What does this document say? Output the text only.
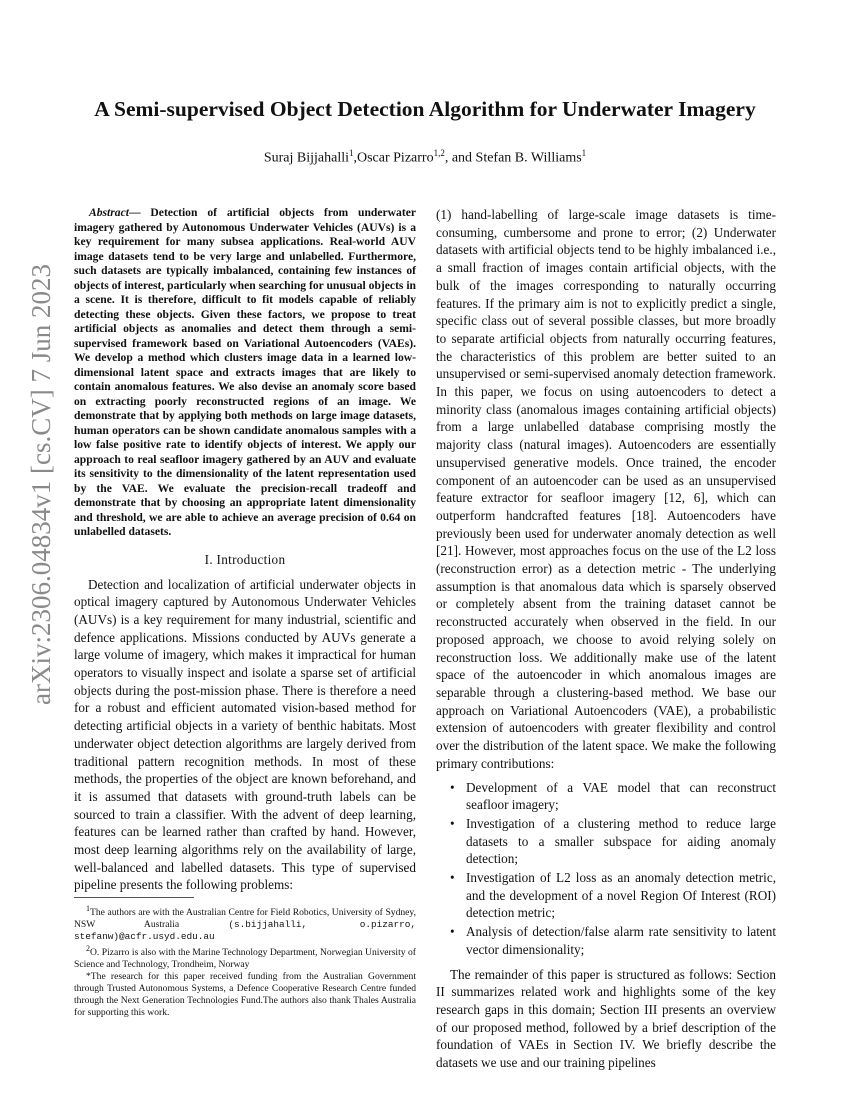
arXiv:2306.04834v1 [cs.CV] 7 Jun 2023
A Semi-supervised Object Detection Algorithm for Underwater Imagery
Suraj Bijjahalli$^1$,Oscar Pizarro$^{1,2}$, and Stefan B. Williams$^1$

Abstract— Detection of artificial objects from underwater imagery gathered by Autonomous Underwater Vehicles (AUVs) is a key requirement for many subsea applications. Real-world AUV image datasets tend to be very large and unlabelled. Furthermore, such datasets are typically imbalanced, containing few instances of objects of interest, particularly when searching for unusual objects in a scene. It is therefore, difficult to fit models capable of reliably detecting these objects. Given these factors, we propose to treat artificial objects as anomalies and detect them through a semi-supervised framework based on Variational Autoencoders (VAEs). We develop a method which clusters image data in a learned low-dimensional latent space and extracts images that are likely to contain anomalous features. We also devise an anomaly score based on extracting poorly reconstructed regions of an image. We demonstrate that by applying both methods on large image datasets, human operators can be shown candidate anomalous samples with a low false positive rate to identify objects of interest. We apply our approach to real seafloor imagery gathered by an AUV and evaluate its sensitivity to the dimensionality of the latent representation used by the VAE. We evaluate the precision-recall tradeoff and demonstrate that by choosing an appropriate latent dimensionality and threshold, we are able to achieve an average precision of 0.64 on unlabelled datasets.

I. Introduction

Detection and localization of artificial underwater objects in optical imagery captured by Autonomous Underwater Vehicles (AUVs) is a key requirement for many industrial, scientific and defence applications. Missions conducted by AUVs generate a large volume of imagery, which makes it impractical for human operators to visually inspect and isolate a sparse set of artificial objects during the post-mission phase. There is therefore a need for a robust and efficient automated vision-based method for detecting artificial objects in a variety of benthic habitats. Most underwater object detection algorithms are largely derived from traditional pattern recognition methods. In most of these methods, the properties of the object are known beforehand, and it is assumed that datasets with ground-truth labels can be sourced to train a classifier. With the advent of deep learning, features can be learned rather than crafted by hand. However, most deep learning algorithms rely on the availability of large, well-balanced and labelled datasets. This type of supervised pipeline presents the following problems:

$^1$The authors are with the Australian Centre for Field Robotics, University of Sydney, NSW Australia (s.bijjahalli, o.pizarro, stefanw)@acfr.usyd.edu.au

$^2$O. Pizarro is also with the Marine Technology Department, Norwegian University of Science and Technology, Trondheim, Norway

*The research for this paper received funding from the Australian Government through Trusted Autonomous Systems, a Defence Cooperative Research Centre funded through the Next Generation Technologies Fund.The authors also thank Thales Australia for supporting this work.

(1) hand-labelling of large-scale image datasets is time-consuming, cumbersome and prone to error; (2) Underwater datasets with artificial objects tend to be highly imbalanced i.e., a small fraction of images contain artificial objects, with the bulk of the images corresponding to naturally occurring features. If the primary aim is not to explicitly predict a single, specific class out of several possible classes, but more broadly to separate artificial objects from naturally occurring features, the characteristics of this problem are better suited to an unsupervised or semi-supervised anomaly detection framework. In this paper, we focus on using autoencoders to detect a minority class (anomalous images containing artificial objects) from a large unlabelled database comprising mostly the majority class (natural images). Autoencoders are essentially unsupervised generative models. Once trained, the encoder component of an autoencoder can be used as an unsupervised feature extractor for seafloor imagery [12, 6], which can outperform handcrafted features [18]. Autoencoders have previously been used for underwater anomaly detection as well [21]. However, most approaches focus on the use of the L2 loss (reconstruction error) as a detection metric - The underlying assumption is that anomalous data which is sparsely observed or completely absent from the training dataset cannot be reconstructed accurately when observed in the field. In our proposed approach, we choose to avoid relying solely on reconstruction loss. We additionally make use of the latent space of the autoencoder in which anomalous images are separable through a clustering-based method. We base our approach on Variational Autoencoders (VAE), a probabilistic extension of autoencoders with greater flexibility and control over the distribution of the latent space. We make the following primary contributions:

• Development of a VAE model that can reconstruct seafloor imagery;
• Investigation of a clustering method to reduce large datasets to a smaller subspace for aiding anomaly detection;
• Investigation of L2 loss as an anomaly detection metric, and the development of a novel Region Of Interest (ROI) detection metric;
• Analysis of detection/false alarm rate sensitivity to latent vector dimensionality;

The remainder of this paper is structured as follows: Section II summarizes related work and highlights some of the key research gaps in this domain; Section III presents an overview of our proposed method, followed by a brief description of the foundation of VAEs in Section IV. We briefly describe the datasets we use and our training pipelines
